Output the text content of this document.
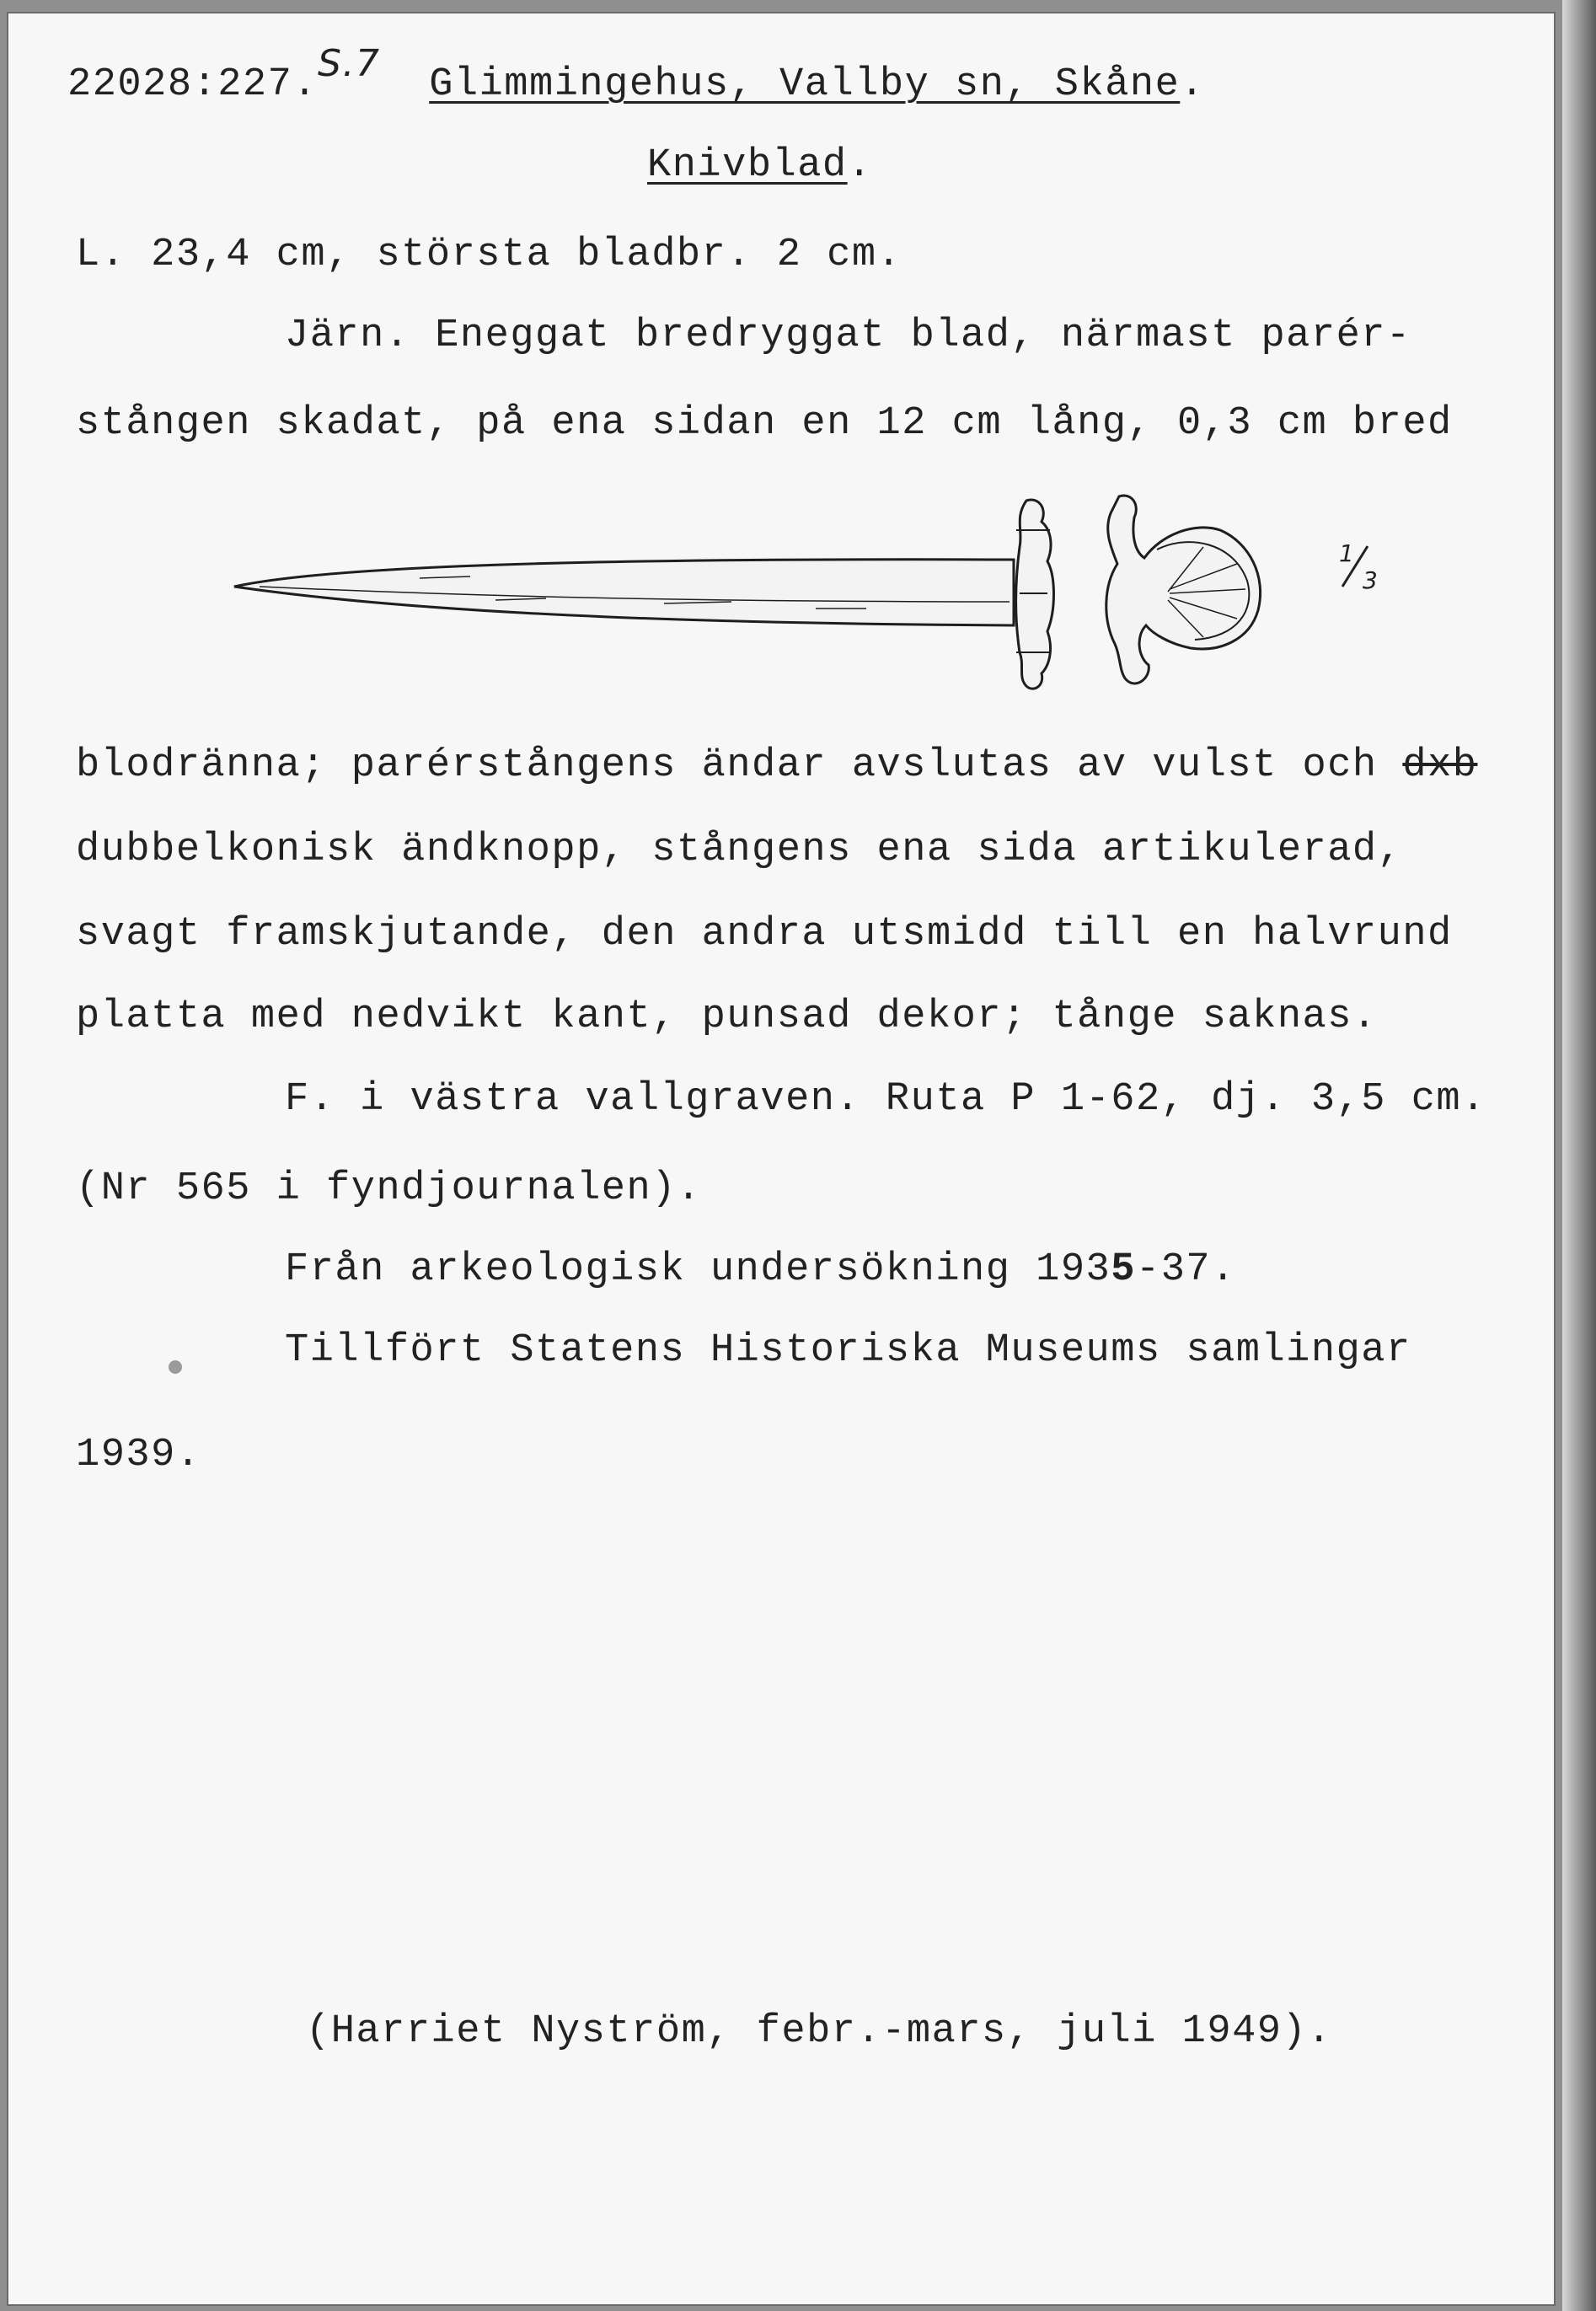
22028:227.S.7 Glimmingehus, Vallby sn, Skåne.
Knivblad.
L. 23,4 cm, största bladbr. 2 cm.
Järn. Eneggat bredryggat blad, närmast parér-
stången skadat, på ena sidan en 12 cm lång, 0,3 cm bred
1
3
blodränna; parérstångens ändar avslutas av vulst och dxb
dubbelkonisk ändknopp, stångens ena sida artikulerad,
svagt framskjutande, den andra utsmidd till en halvrund
platta med nedvikt kant, punsad dekor; tånge saknas.
F. i västra vallgraven. Ruta P 1-62, dj. 3,5 cm.
(Nr 565 i fyndjournalen).
Från arkeologisk undersökning 1935-37.
Tillfört Statens Historiska Museums samlingar
1939.
(Harriet Nyström, febr.-mars, juli 1949).
